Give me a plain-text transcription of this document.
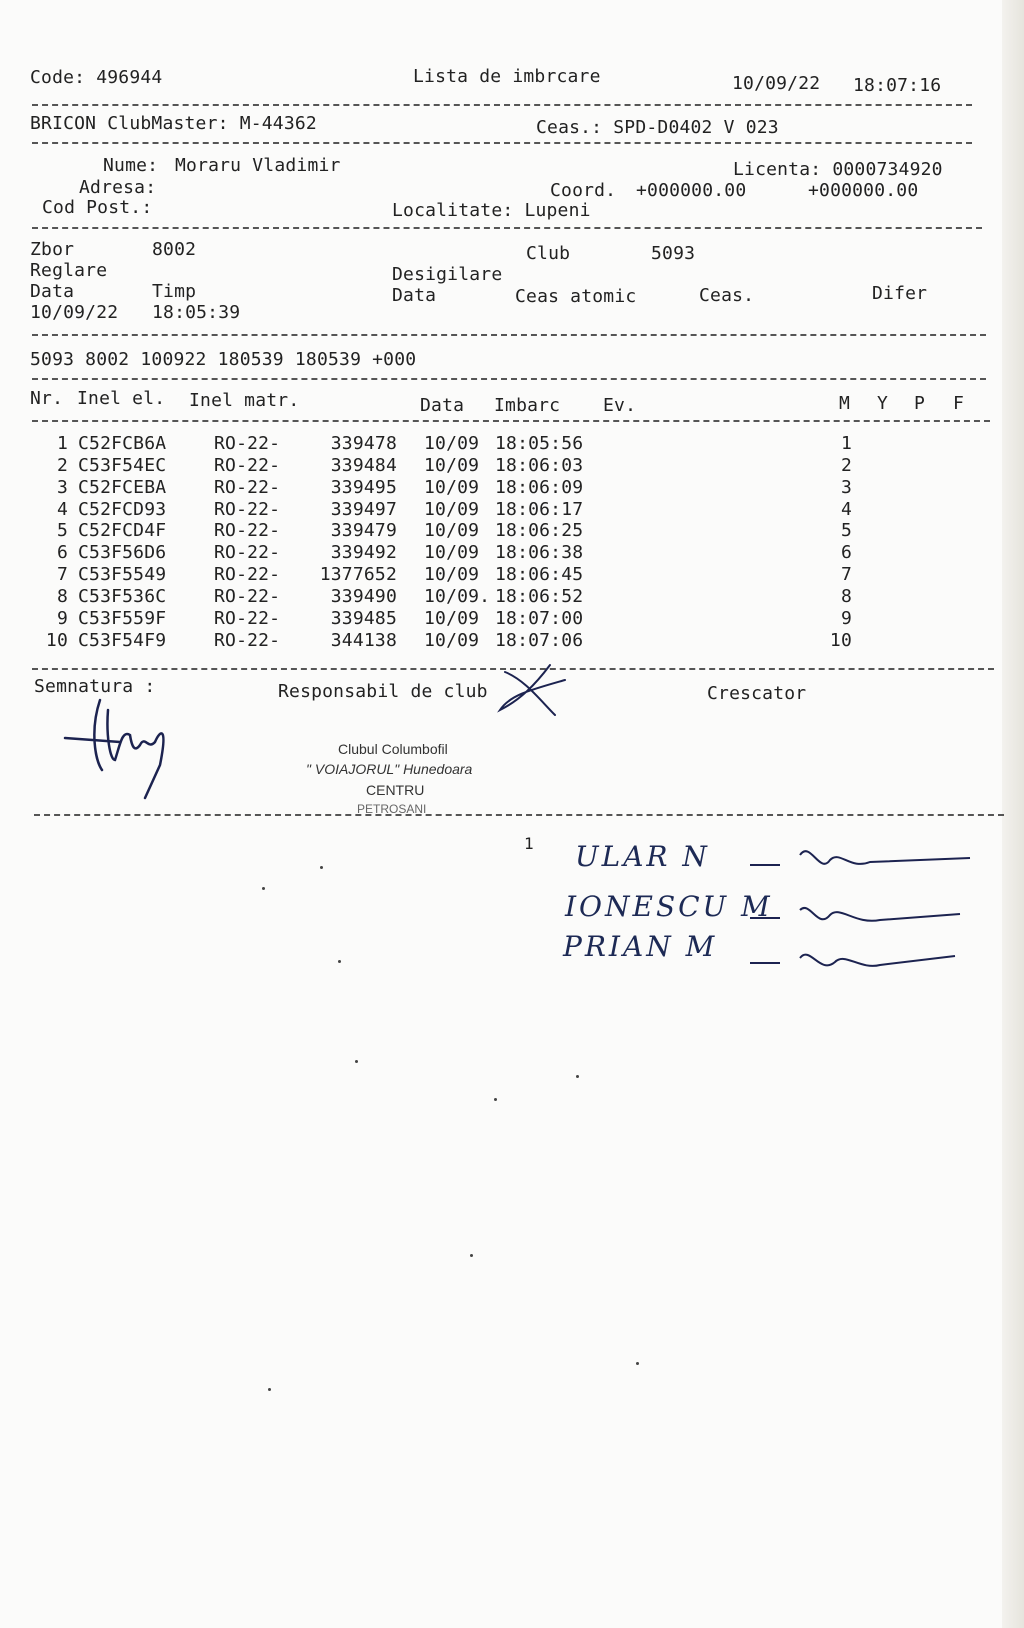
Code: 496944	Lista de imbrcare	10/09/22 18:07:16
BRICON ClubMaster: M-44362	Ceas.: SPD-D0402 V 023
Nume: Moraru Vladimir	Licenta: 0000734920
Adresa:	Coord. +000000.00	+000000.00
Cod Post.:	Localitate: Lupeni
Zbor	8002	Club	5093
Reglare	Desigilare
Data	Timp	Data	Ceas atomic	Ceas.	Difer
10/09/22 18:05:39
5093 8002 100922 180539 180539 +000
Nr. Inel el. Inel matr.	Data Imbarc Ev.	M Y P F
1 C52FCB6A	RO-22-	339478 10/09 18:05:56	1
2 C53F54EC	RO-22-	339484 10/09 18:06:03	2
3 C52FCEBA	RO-22-	339495 10/09 18:06:09	3
4 C52FCD93	RO-22-	339497 10/09 18:06:17	4
5 C52FCD4F	RO-22-	339479 10/09 18:06:25	5
6 C53F56D6	RO-22-	339492 10/09 18:06:38	6
7 C53F5549	RO-22- 1377652 10/09 18:06:45	7
8 C53F536C	RO-22-	339490 10/09. 18:06:52	8
9 C53F559F	RO-22-	339485 10/09 18:07:00	9
10 C53F54F9	RO-22-	344138 10/09 18:07:06	10
Semnatura :	Responsabil de club	Crescator
Clubul Columbofil
" VOIAJORUL" Hunedoara
CENTRU
PETROSANI
1 ULAR N
IONESCU M
PRIAN M
